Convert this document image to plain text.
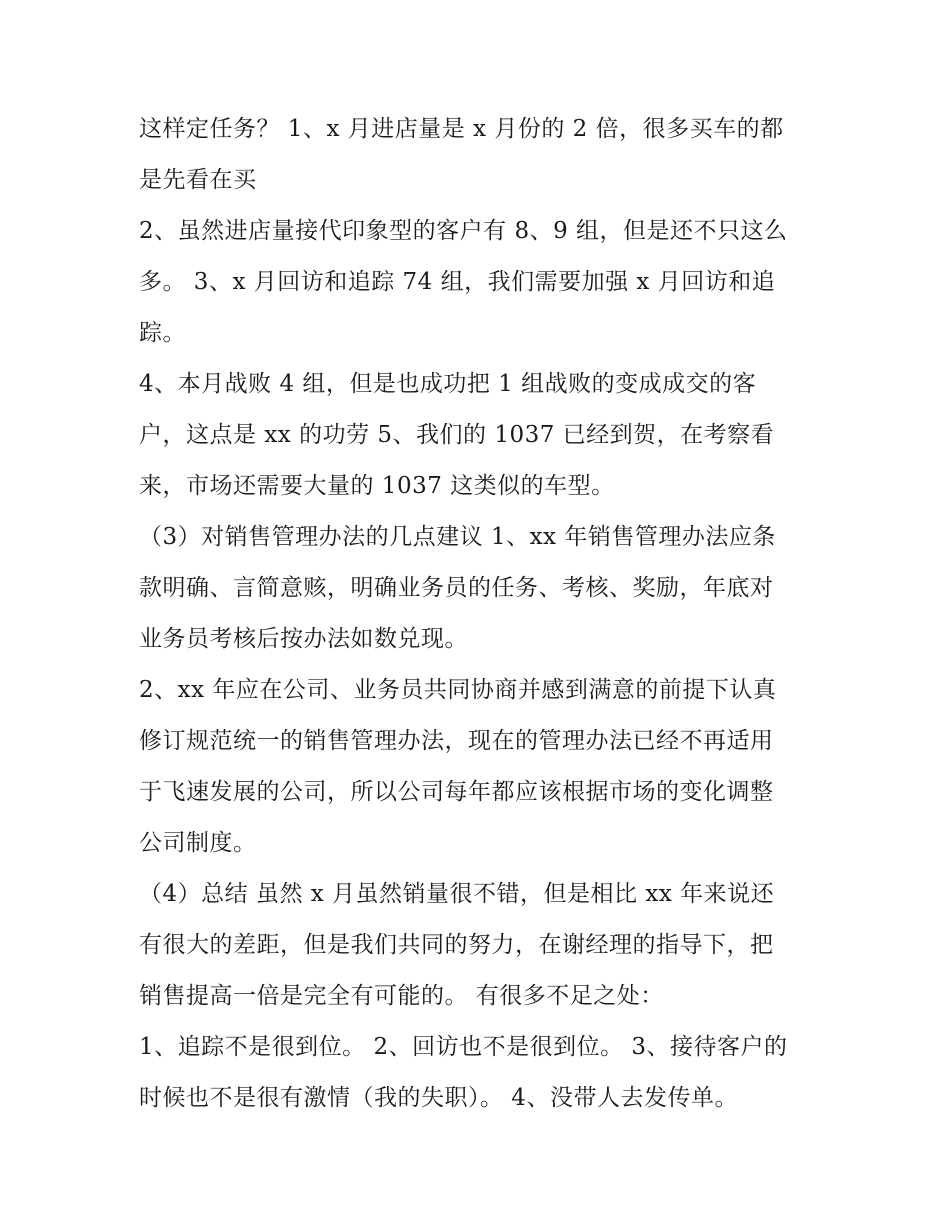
这样定任务？ 1、x 月进店量是 x 月份的 2 倍，很多买车的都
是先看在买
2、虽然进店量接代印象型的客户有 8、9 组，但是还不只这么
多。 3、x 月回访和追踪 74 组，我们需要加强 x 月回访和追
踪。
4、本月战败 4 组，但是也成功把 1 组战败的变成成交的客
户，这点是 xx 的功劳 5、我们的 1037 已经到贺，在考察看
来，市场还需要大量的 1037 这类似的车型。
（3）对销售管理办法的几点建议 1、xx 年销售管理办法应条
款明确、言简意赅，明确业务员的任务、考核、奖励，年底对
业务员考核后按办法如数兑现。
2、xx 年应在公司、业务员共同协商并感到满意的前提下认真
修订规范统一的销售管理办法，现在的管理办法已经不再适用
于飞速发展的公司，所以公司每年都应该根据市场的变化调整
公司制度。
（4）总结 虽然 x 月虽然销量很不错，但是相比 xx 年来说还
有很大的差距，但是我们共同的努力，在谢经理的指导下，把
销售提高一倍是完全有可能的。 有很多不足之处：
1、追踪不是很到位。 2、回访也不是很到位。 3、接待客户的
时候也不是很有激情（我的失职）。 4、没带人去发传单。
